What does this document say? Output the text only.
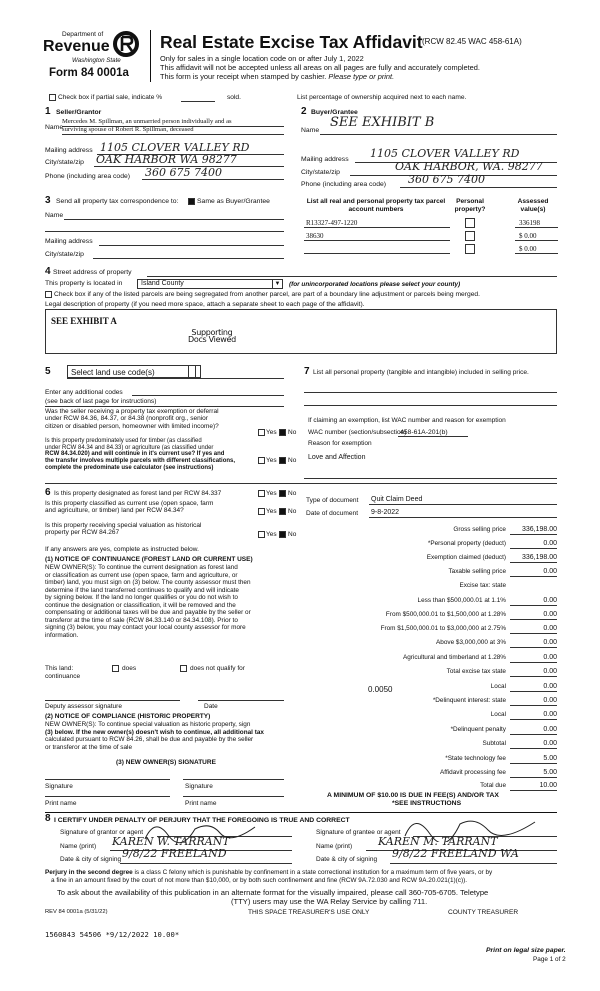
Department of
Revenue
Washington State
Form 84 0001a
Real Estate Excise Tax Affidavit (RCW 82.45 WAC 458-61A)
Only for sales in a single location code on or after July 1, 2022
This affidavit will not be accepted unless all areas on all pages are fully and accurately completed.
This form is your receipt when stamped by cashier. Please type or print.
Check box if partial sale, indicate %	sold.	List percentage of ownership acquired next to each name.
1 Seller/Grantor
Name
Mercedes M. Spillman, an unmarried person individually and as
surviving spouse of Robert R. Spillman, deceased
Mailing address 1105 CLOVER VALLEY RD
City/state/zip OAK HARBOR WA 98277
Phone (including area code) 360 675 7400
2 Buyer/Grantee
Name
SEE EXHIBIT B
Mailing address 1105 CLOVER VALLEY RD
City/state/zip	OAK HARBOR, WA. 98277
Phone (including area code) 360 675 7400
3 Send all property tax correspondence to:	Same as Buyer/Grantee
Name
Mailing address
City/state/zip
List all real and personal property tax parcel account numbers
Personal property?
Assessed value(s)
R13327-497-1220	336198
38630	$ 0.00
$ 0.00
4 Street address of property
This property is located in	Island County	▼ (for unincorporated locations please select your county)
Check box if any of the listed parcels are being segregated from another parcel, are part of a boundary line adjustment or parcels being merged.
Legal description of property (if you need more space, attach a separate sheet to each page of the affidavit).
SEE EXHIBIT A
Supporting
Docs Viewed
5	Select land use code(s)
Enter any additional codes
(see back of last page for instructions)
Was the seller receiving a property tax exemption or deferral
under RCW 84.36, 84.37, or 84.38 (nonprofit org., senior
citizen or disabled person, homeowner with limited income)?
Yes No
Is this property predominately used for timber (as classified
under RCW 84.34 and 84.33) or agriculture (as classified under
RCW 84.34.020) and will continue in it's current use? If yes and
the transfer involves multiple parcels with different classifications,
complete the predominate use calculator (see instructions)
Yes No
7 List all personal property (tangible and intangible) included in selling price.
If claiming an exemption, list WAC number and reason for exemption
WAC number (section/subsection)
458-61A-201(b)
Reason for exemption
Love and Affection
6 Is this property designated as forest land per RCW 84.337	Yes No
Is this property classified as current use (open space, farm
and agriculture, or timber) land per RCW 84.34?	Yes No
Is this property receiving special valuation as historical
property per RCW 84.267	Yes No
If any answers are yes, complete as instructed below.
(1) NOTICE OF CONTINUANCE (FOREST LAND OR CURRENT USE)
NEW OWNER(S): To continue the current designation as forest land
or classification as current use (open space, farm and agriculture, or
timber) land, you must sign on (3) below. The county assessor must then
determine if the land transferred continues to qualify and will indicate
by signing below. If the land no longer qualifies or you do not wish to
continue the designation or classification, it will be removed and the
compensating or additional taxes will be due and payable by the seller or
transferor at the time of sale (RCW 84.33.140 or 84.34.108). Prior to
signing (3) below, you may contact your local county assessor for more
information.
This land:	does	does not qualify for
continuance
Deputy assessor signature	Date
(2) NOTICE OF COMPLIANCE (HISTORIC PROPERTY)
NEW OWNER(S): To continue special valuation as historic property, sign
(3) below. If the new owner(s) doesn't wish to continue, all additional tax
calculated pursuant to RCW 84.26, shall be due and payable by the seller
or transferor at the time of sale
(3) NEW OWNER(S) SIGNATURE
Signature	Signature
Print name	Print name
Type of document Quit Claim Deed
Date of document 9-8-2022
Gross selling price 336,198.00
*Personal property (deduct)	0.00
Exemption claimed (deduct) 336,198.00
Taxable selling price	0.00
Excise tax: state
Less than $500,000.01 at 1.1%	0.00
From $500,000.01 to $1,500,000 at 1.28%	0.00
From $1,500,000.01 to $3,000,000 at 2.75%	0.00
Above $3,000,000 at 3%	0.00
Agricultural and timberland at 1.28%	0.00
Total excise tax state	0.00
Local	0.00
*Delinquent interest: state	0.00
Local	0.00
*Delinquent penalty	0.00
Subtotal	0.00
*State technology fee	5.00
Affidavit processing fee	5.00
Total due	10.00
0.0050
A MINIMUM OF $10.00 IS DUE IN FEE(S) AND/OR TAX
*SEE INSTRUCTIONS
8 I CERTIFY UNDER PENALTY OF PERJURY THAT THE FOREGOING IS TRUE AND CORRECT
Signature of grantor or agent
Name (print) KAREN W. TARRANT
Date & city of signing 9/8/22 FREELAND
Signature of grantee or agent
Name (print) KAREN M. TARRANT
Date & city of signing 9/8/22 FREELAND WA
Perjury in the second degree is a class C felony which is punishable by confinement in a state correctional institution for a maximum term of five years, or by
a fine in an amount fixed by the court of not more than $10,000, or by both such confinement and fine (RCW 9A.72.030 and RCW 9A.20.021(1)(c)).
To ask about the availability of this publication in an alternate format for the visually impaired, please call 360-705-6705. Teletype
(TTY) users may use the WA Relay Service by calling 711.
REV 84 0001a (5/31/22)	THIS SPACE TREASURER'S USE ONLY	COUNTY TREASURER
1560843 54506 *9/12/2022 10.00*
Print on legal size paper.
Page 1 of 2
